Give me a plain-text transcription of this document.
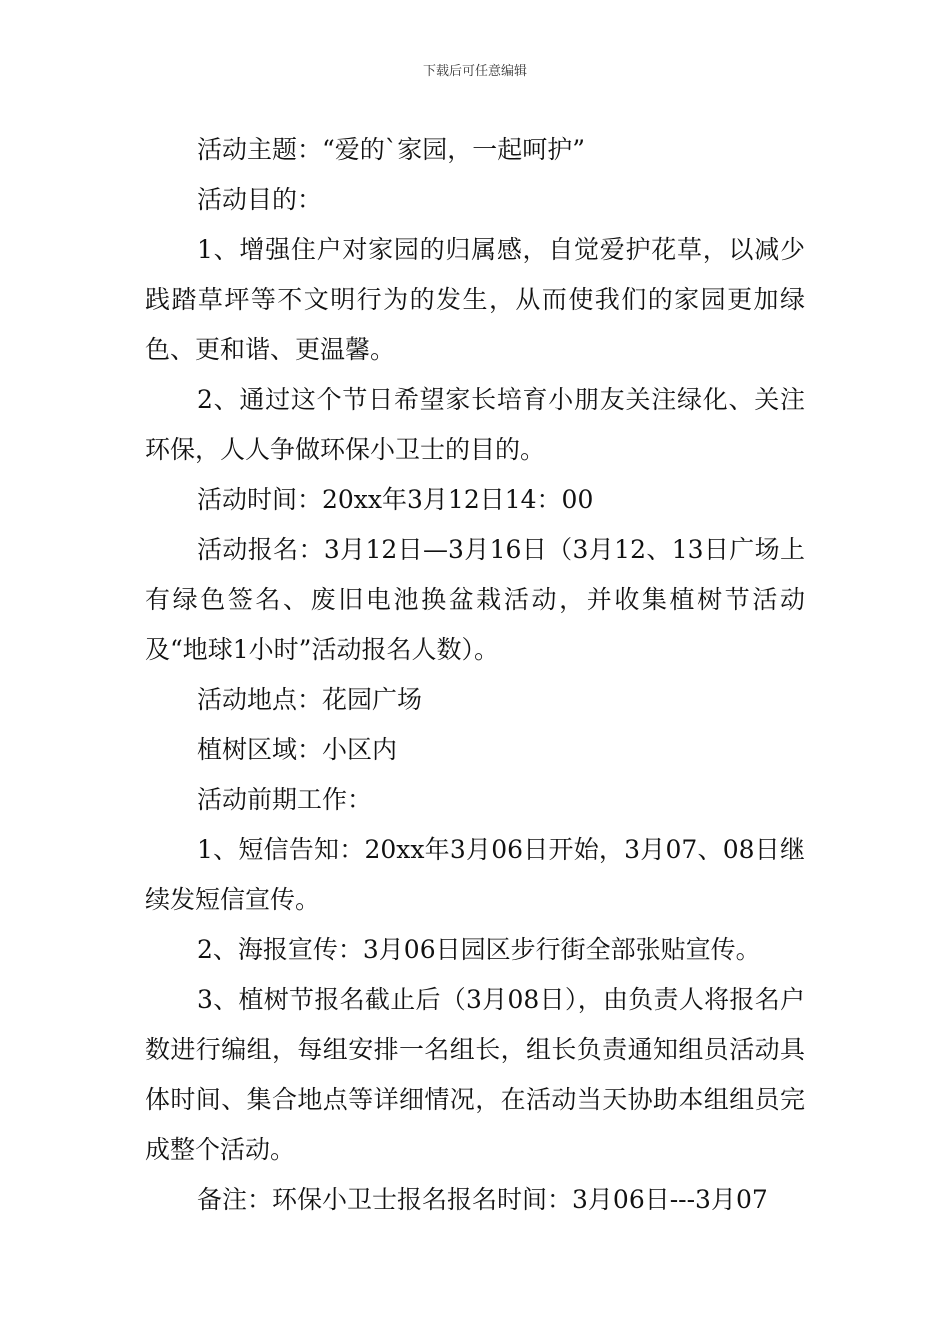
下载后可任意编辑

活动主题：“爱的`家园，一起呵护”

活动目的：

1、增强住户对家园的归属感，自觉爱护花草，以减少践踏草坪等不文明行为的发生，从而使我们的家园更加绿色、更和谐、更温馨。

2、通过这个节日希望家长培育小朋友关注绿化、关注环保，人人争做环保小卫士的目的。

活动时间：20xx年3月12日14：00

活动报名：3月12日—3月16日（3月12、13日广场上有绿色签名、废旧电池换盆栽活动，并收集植树节活动及“地球1小时”活动报名人数）。

活动地点：花园广场

植树区域：小区内

活动前期工作：

1、短信告知：20xx年3月06日开始，3月07、08日继续发短信宣传。

2、海报宣传：3月06日园区步行街全部张贴宣传。

3、植树节报名截止后（3月08日），由负责人将报名户数进行编组，每组安排一名组长，组长负责通知组员活动具体时间、集合地点等详细情况，在活动当天协助本组组员完成整个活动。

备注：环保小卫士报名报名时间：3月06日---3月07
